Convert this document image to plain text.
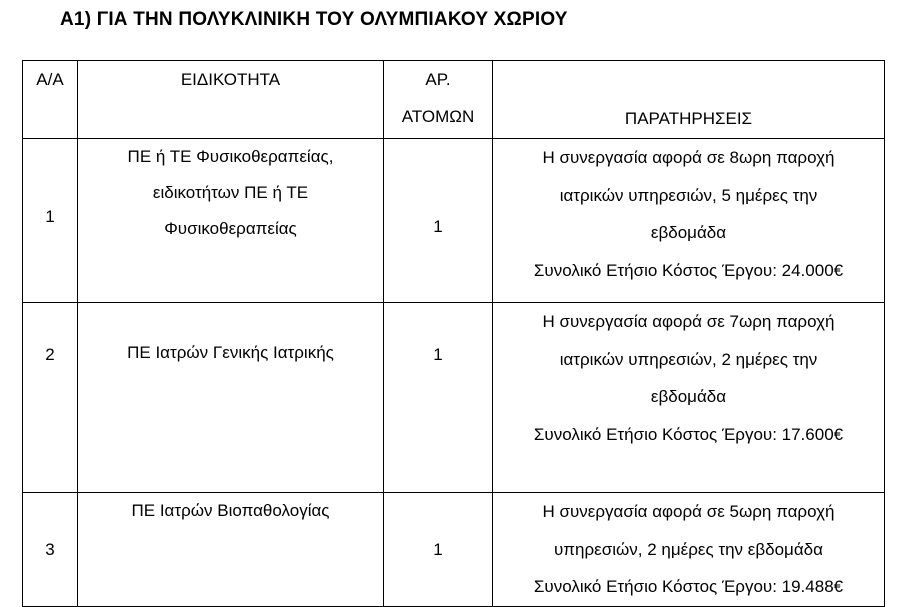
Α1) ΓΙΑ ΤΗΝ ΠΟΛΥΚΛΙΝΙΚΗ ΤΟΥ ΟΛΥΜΠΙΑΚΟΥ ΧΩΡΙΟΥ
Α/Α	ΕΙΔΙΚΟΤΗΤΑ	ΑΡ.
ΑΤΟΜΩΝ	ΠΑΡΑΤΗΡΗΣΕΙΣ
1	ΠΕ ή ΤΕ Φυσικοθεραπείας,
ειδικοτήτων ΠΕ ή ΤΕ
Φυσικοθεραπείας	1	Η συνεργασία αφορά σε 8ωρη παροχή
ιατρικών υπηρεσιών, 5 ημέρες την
εβδομάδα
Συνολικό Ετήσιο Κόστος Έργου: 24.000€

2	ΠΕ Ιατρών Γενικής Ιατρικής	1	Η συνεργασία αφορά σε 7ωρη παροχή
ιατρικών υπηρεσιών, 2 ημέρες την
εβδομάδα
Συνολικό Ετήσιο Κόστος Έργου: 17.600€

3	ΠΕ Ιατρών Βιοπαθολογίας	1	Η συνεργασία αφορά σε 5ωρη παροχή
υπηρεσιών, 2 ημέρες την εβδομάδα
Συνολικό Ετήσιο Κόστος Έργου: 19.488€
